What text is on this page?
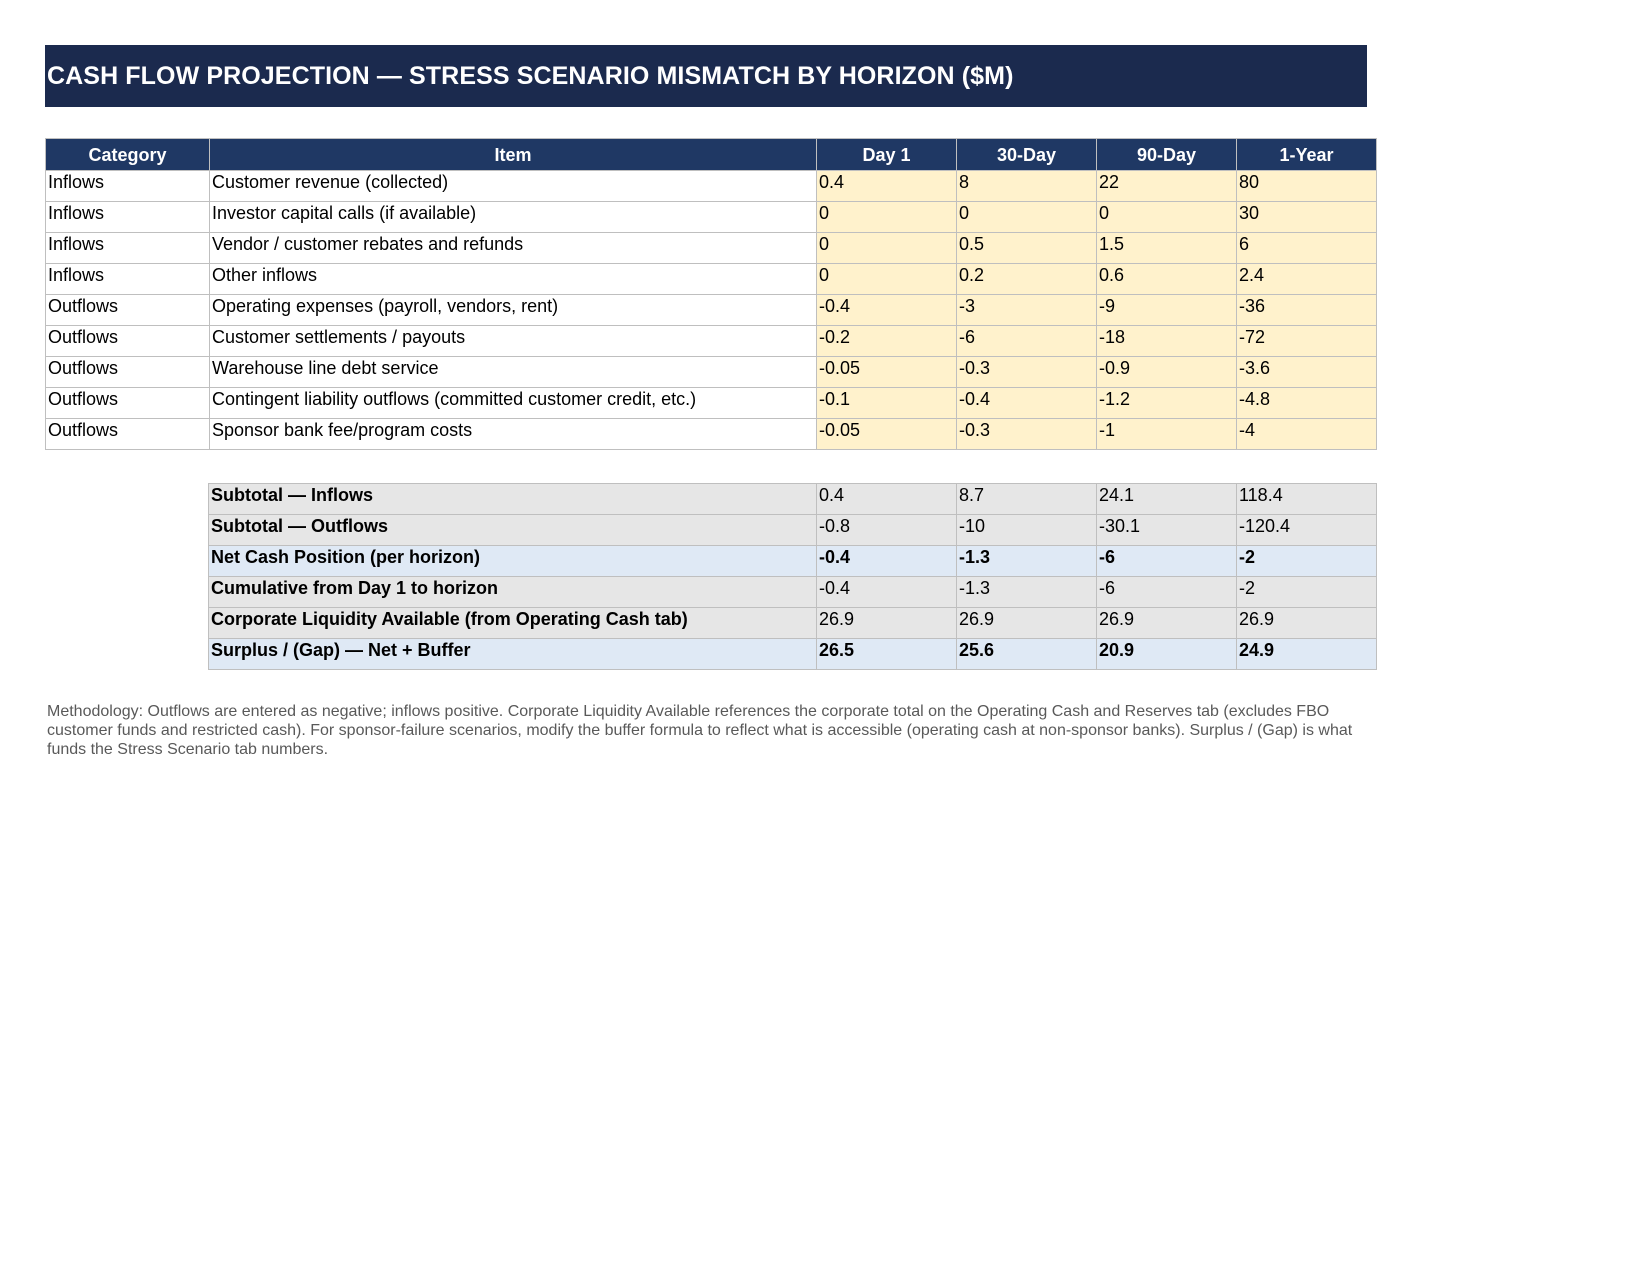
CASH FLOW PROJECTION — STRESS SCENARIO MISMATCH BY HORIZON ($M)
Category	Item	Day 1	30-Day	90-Day	1-Year
Inflows	Customer revenue (collected)	0.4	8	22	80
Inflows	Investor capital calls (if available)	0	0	0	30
Inflows	Vendor / customer rebates and refunds	0	0.5	1.5	6
Inflows	Other inflows	0	0.2	0.6	2.4
Outflows	Operating expenses (payroll, vendors, rent)	-0.4	-3	-9	-36
Outflows	Customer settlements / payouts	-0.2	-6	-18	-72
Outflows	Warehouse line debt service	-0.05	-0.3	-0.9	-3.6
Outflows	Contingent liability outflows (committed customer credit, etc.)	-0.1	-0.4	-1.2	-4.8
Outflows	Sponsor bank fee/program costs	-0.05	-0.3	-1	-4
Subtotal — Inflows	0.4	8.7	24.1	118.4
Subtotal — Outflows	-0.8	-10	-30.1	-120.4
Net Cash Position (per horizon)	-0.4	-1.3	-6	-2
Cumulative from Day 1 to horizon	-0.4	-1.3	-6	-2
Corporate Liquidity Available (from Operating Cash tab)	26.9	26.9	26.9	26.9
Surplus / (Gap) — Net + Buffer	26.5	25.6	20.9	24.9
Methodology: Outflows are entered as negative; inflows positive. Corporate Liquidity Available references the corporate total on the Operating Cash and Reserves tab (excludes FBO customer funds and restricted cash). For sponsor-failure scenarios, modify the buffer formula to reflect what is accessible (operating cash at non-sponsor banks). Surplus / (Gap) is what funds the Stress Scenario tab numbers.
